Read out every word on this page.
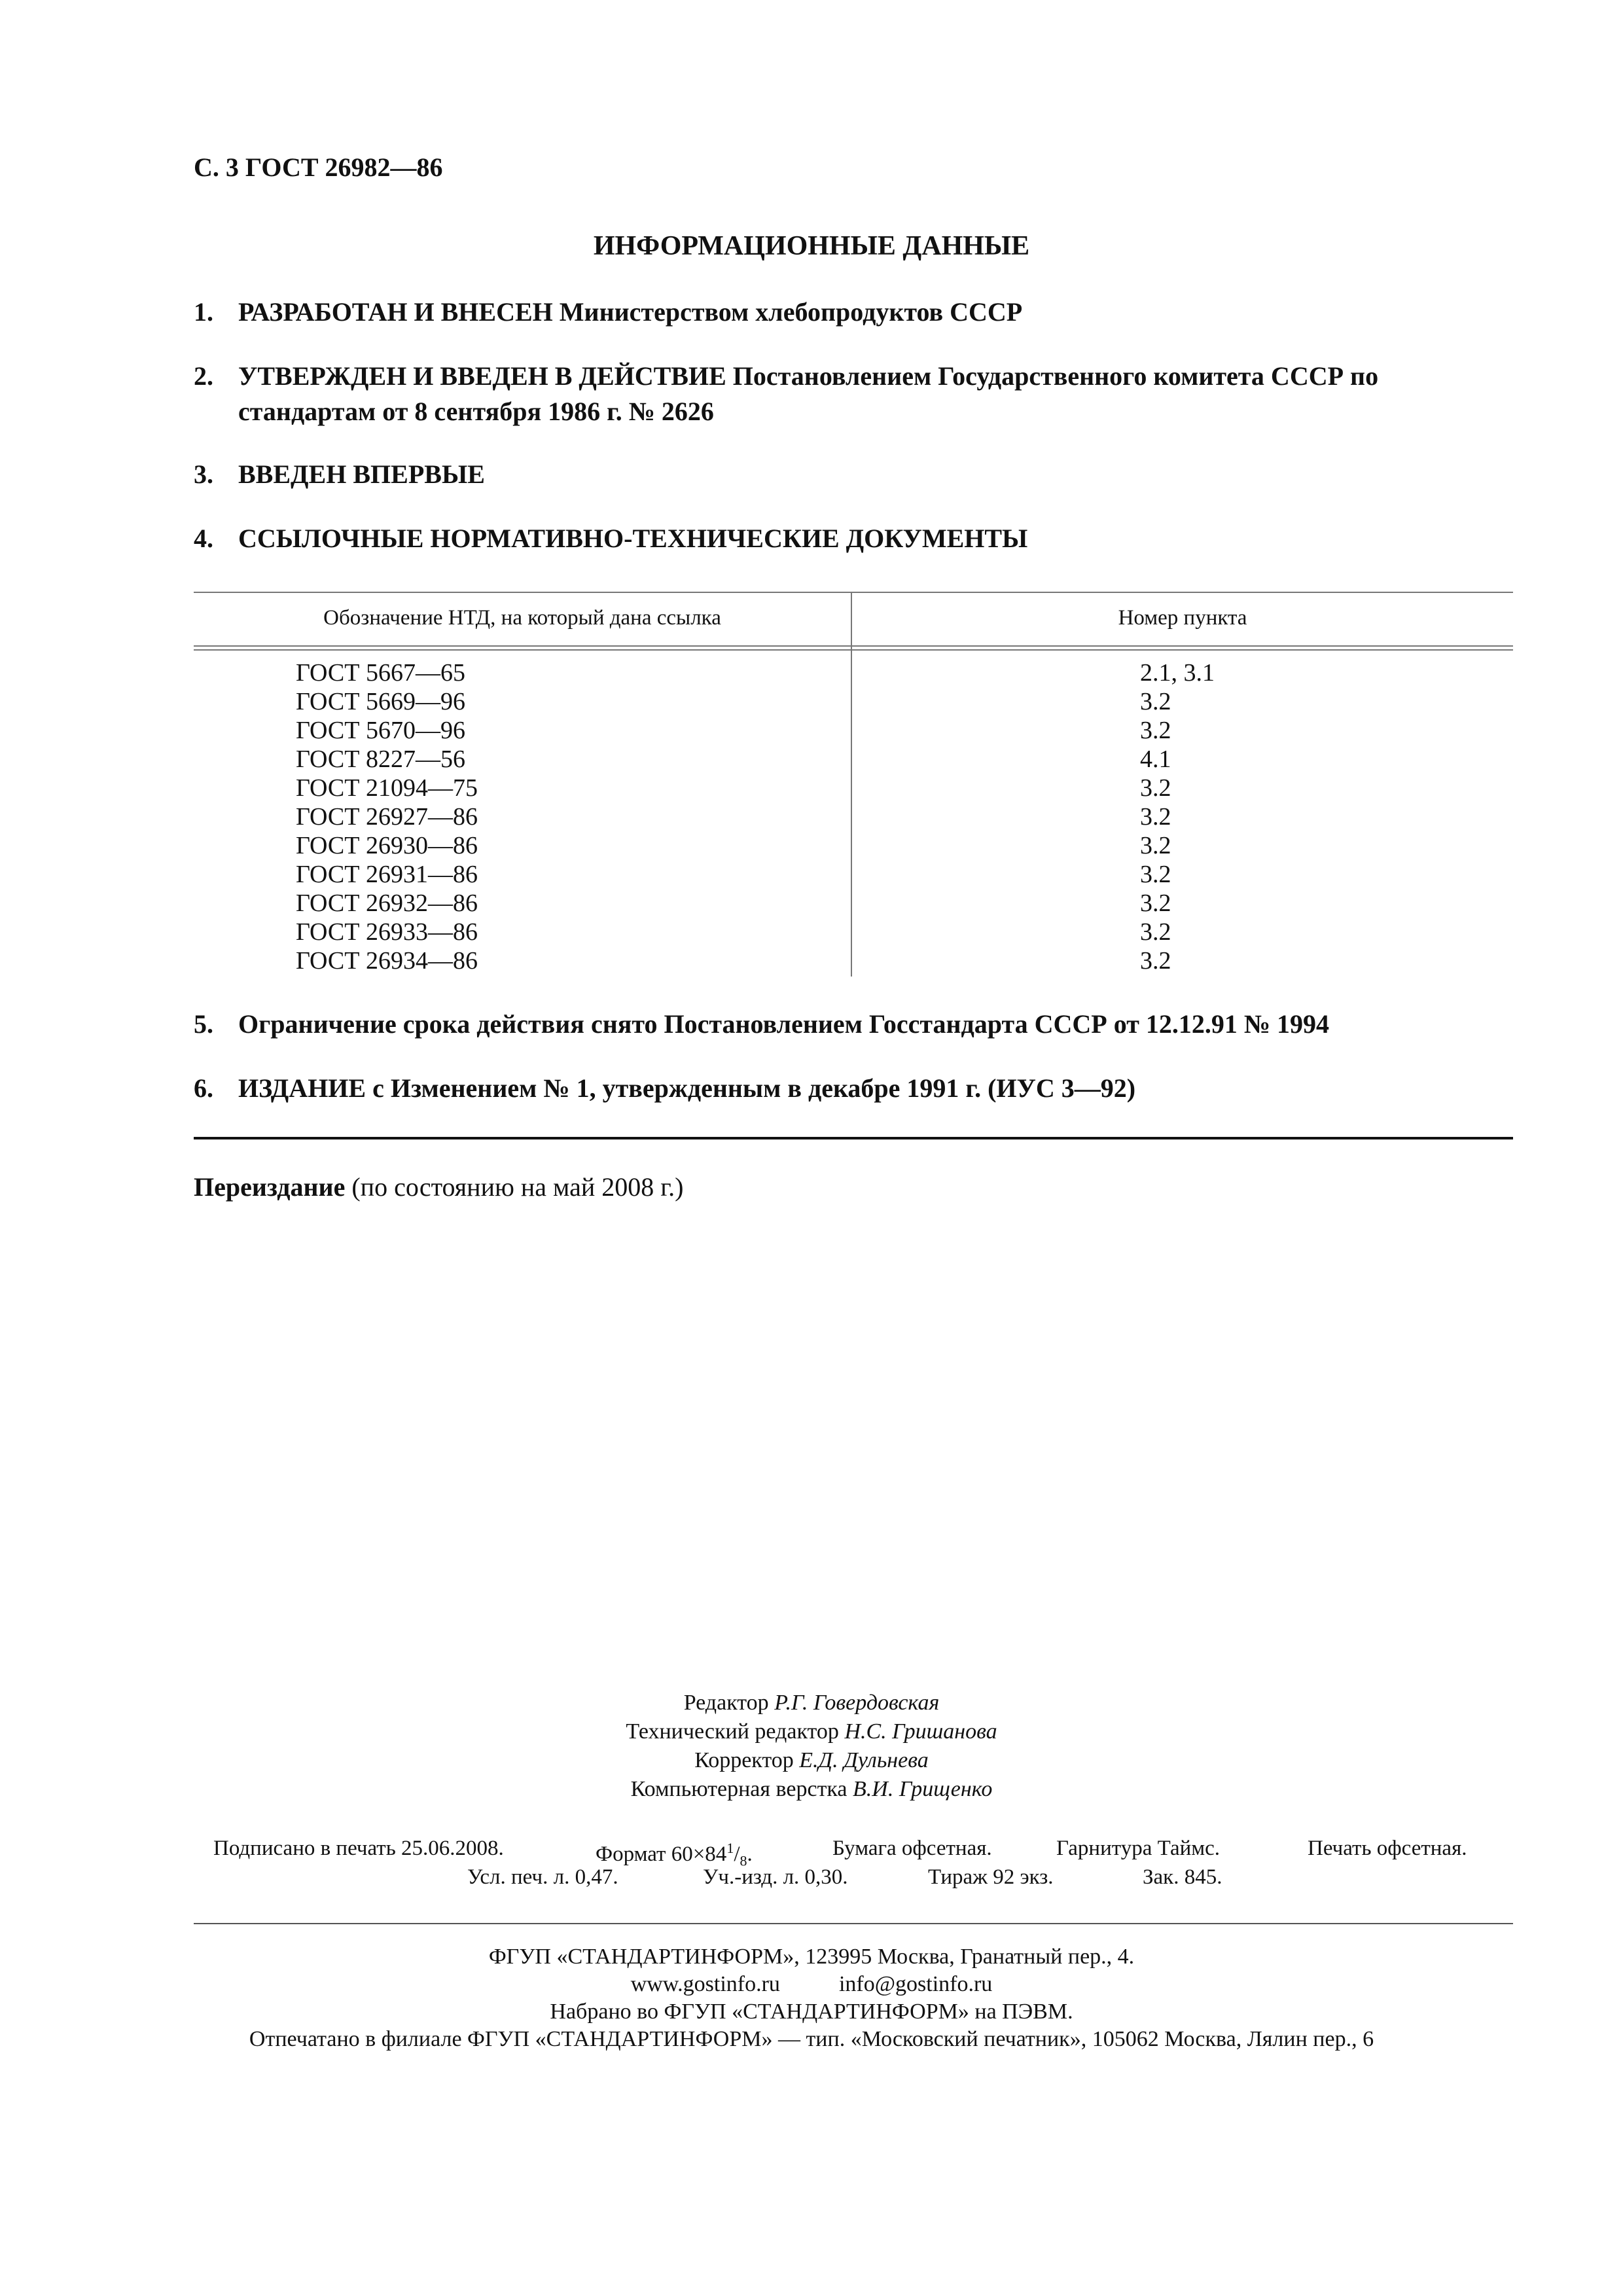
С. 3 ГОСТ 26982—86
ИНФОРМАЦИОННЫЕ ДАННЫЕ
1. РАЗРАБОТАН И ВНЕСЕН Министерством хлебопродуктов СССР
2. УТВЕРЖДЕН И ВВЕДЕН В ДЕЙСТВИЕ Постановлением Государственного комитета СССР по стандартам от 8 сентября 1986 г. № 2626
3. ВВЕДЕН ВПЕРВЫЕ
4. ССЫЛОЧНЫЕ НОРМАТИВНО-ТЕХНИЧЕСКИЕ ДОКУМЕНТЫ
Обозначение НТД, на который дана ссылка	Номер пункта
ГОСТ 5667—65	2.1, 3.1
ГОСТ 5669—96	3.2
ГОСТ 5670—96	3.2
ГОСТ 8227—56	4.1
ГОСТ 21094—75	3.2
ГОСТ 26927—86	3.2
ГОСТ 26930—86	3.2
ГОСТ 26931—86	3.2
ГОСТ 26932—86	3.2
ГОСТ 26933—86	3.2
ГОСТ 26934—86	3.2
5. Ограничение срока действия снято Постановлением Госстандарта СССР от 12.12.91 № 1994
6. ИЗДАНИЕ с Изменением № 1, утвержденным в декабре 1991 г. (ИУС 3—92)
Переиздание (по состоянию на май 2008 г.)
Редактор Р.Г. Говердовская
Технический редактор Н.С. Гришанова
Корректор Е.Д. Дульнева
Компьютерная верстка В.И. Грищенко
Подписано в печать 25.06.2008.	Формат $60\times 84^1/_8$.	Бумага офсетная.	Гарнитура Таймс.	Печать офсетная.
Усл. печ. л. 0,47.	Уч.-изд. л. 0,30.	Тираж 92 экз.	Зак. 845.
ФГУП «СТАНДАРТИНФОРМ», 123995 Москва, Гранатный пер., 4.
www.gostinfo.ru	info@gostinfo.ru
Набрано во ФГУП «СТАНДАРТИНФОРМ» на ПЭВМ.
Отпечатано в филиале ФГУП «СТАНДАРТИНФОРМ» — тип. «Московский печатник», 105062 Москва, Лялин пер., 6
